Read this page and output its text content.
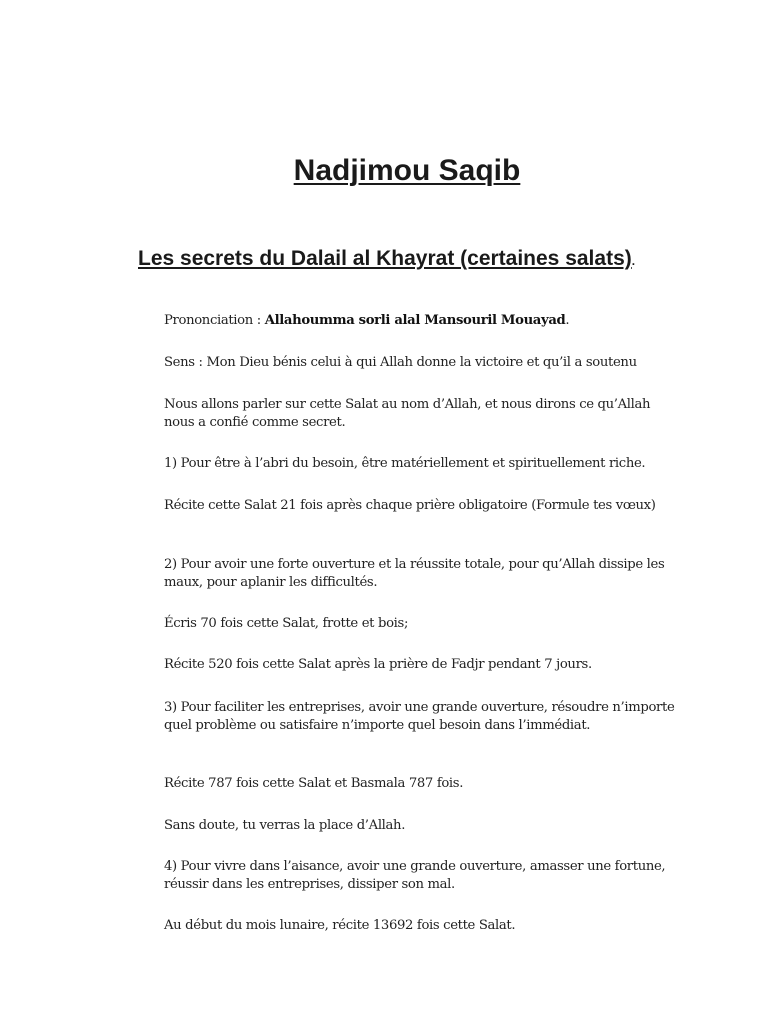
Nadjimou Saqib
Les secrets du Dalail al Khayrat (certaines salats).

Prononciation : Allahoumma sorli alal Mansouril Mouayad.

Sens : Mon Dieu bénis celui à qui Allah donne la victoire et qu’il a soutenu

Nous allons parler sur cette Salat au nom d’Allah, et nous dirons ce qu’Allah nous a confié comme secret.

1) Pour être à l’abri du besoin, être matériellement et spirituellement riche.

Récite cette Salat 21 fois après chaque prière obligatoire (Formule tes vœux)

2) Pour avoir une forte ouverture et la réussite totale, pour qu’Allah dissipe les maux, pour aplanir les difficultés.

Écris 70 fois cette Salat, frotte et bois;

Récite 520 fois cette Salat après la prière de Fadjr pendant 7 jours.

3) Pour faciliter les entreprises, avoir une grande ouverture, résoudre n’importe quel problème ou satisfaire n’importe quel besoin dans l’immédiat.

Récite 787 fois cette Salat et Basmala 787 fois.

Sans doute, tu verras la place d’Allah.

4) Pour vivre dans l’aisance, avoir une grande ouverture, amasser une fortune, réussir dans les entreprises, dissiper son mal.

Au début du mois lunaire, récite 13692 fois cette Salat.
